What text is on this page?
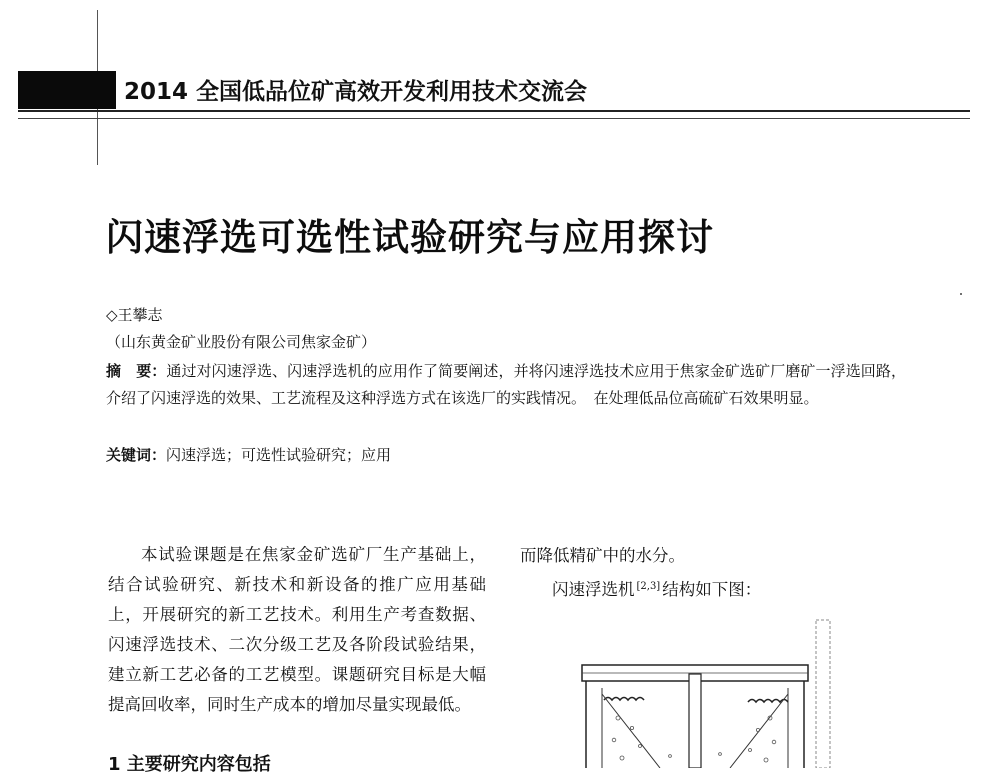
2014 全国低品位矿高效开发利用技术交流会
闪速浮选可选性试验研究与应用探讨
◇王攀志
（山东黄金矿业股份有限公司焦家金矿）
摘　要：通过对闪速浮选、闪速浮选机的应用作了简要阐述，并将闪速浮选技术应用于焦家金矿选矿厂磨矿一浮选回路，介绍了闪速浮选的效果、工艺流程及这种浮选方式在该选厂的实践情况。　在处理低品位高硫矿石效果明显。
关键词：闪速浮选；可选性试验研究；应用

本试验课题是在焦家金矿选矿厂生产基础上，结合试验研究、新技术和新设备的推广应用基础上，开展研究的新工艺技术。利用生产考查数据、闪速浮选技术、二次分级工艺及各阶段试验结果，建立新工艺必备的工艺模型。课题研究目标是大幅提高回收率，同时生产成本的增加尽量实现最低。

1 主要研究内容包括
而降低精矿中的水分。
闪速浮选机 [2,3] 结构如下图：
